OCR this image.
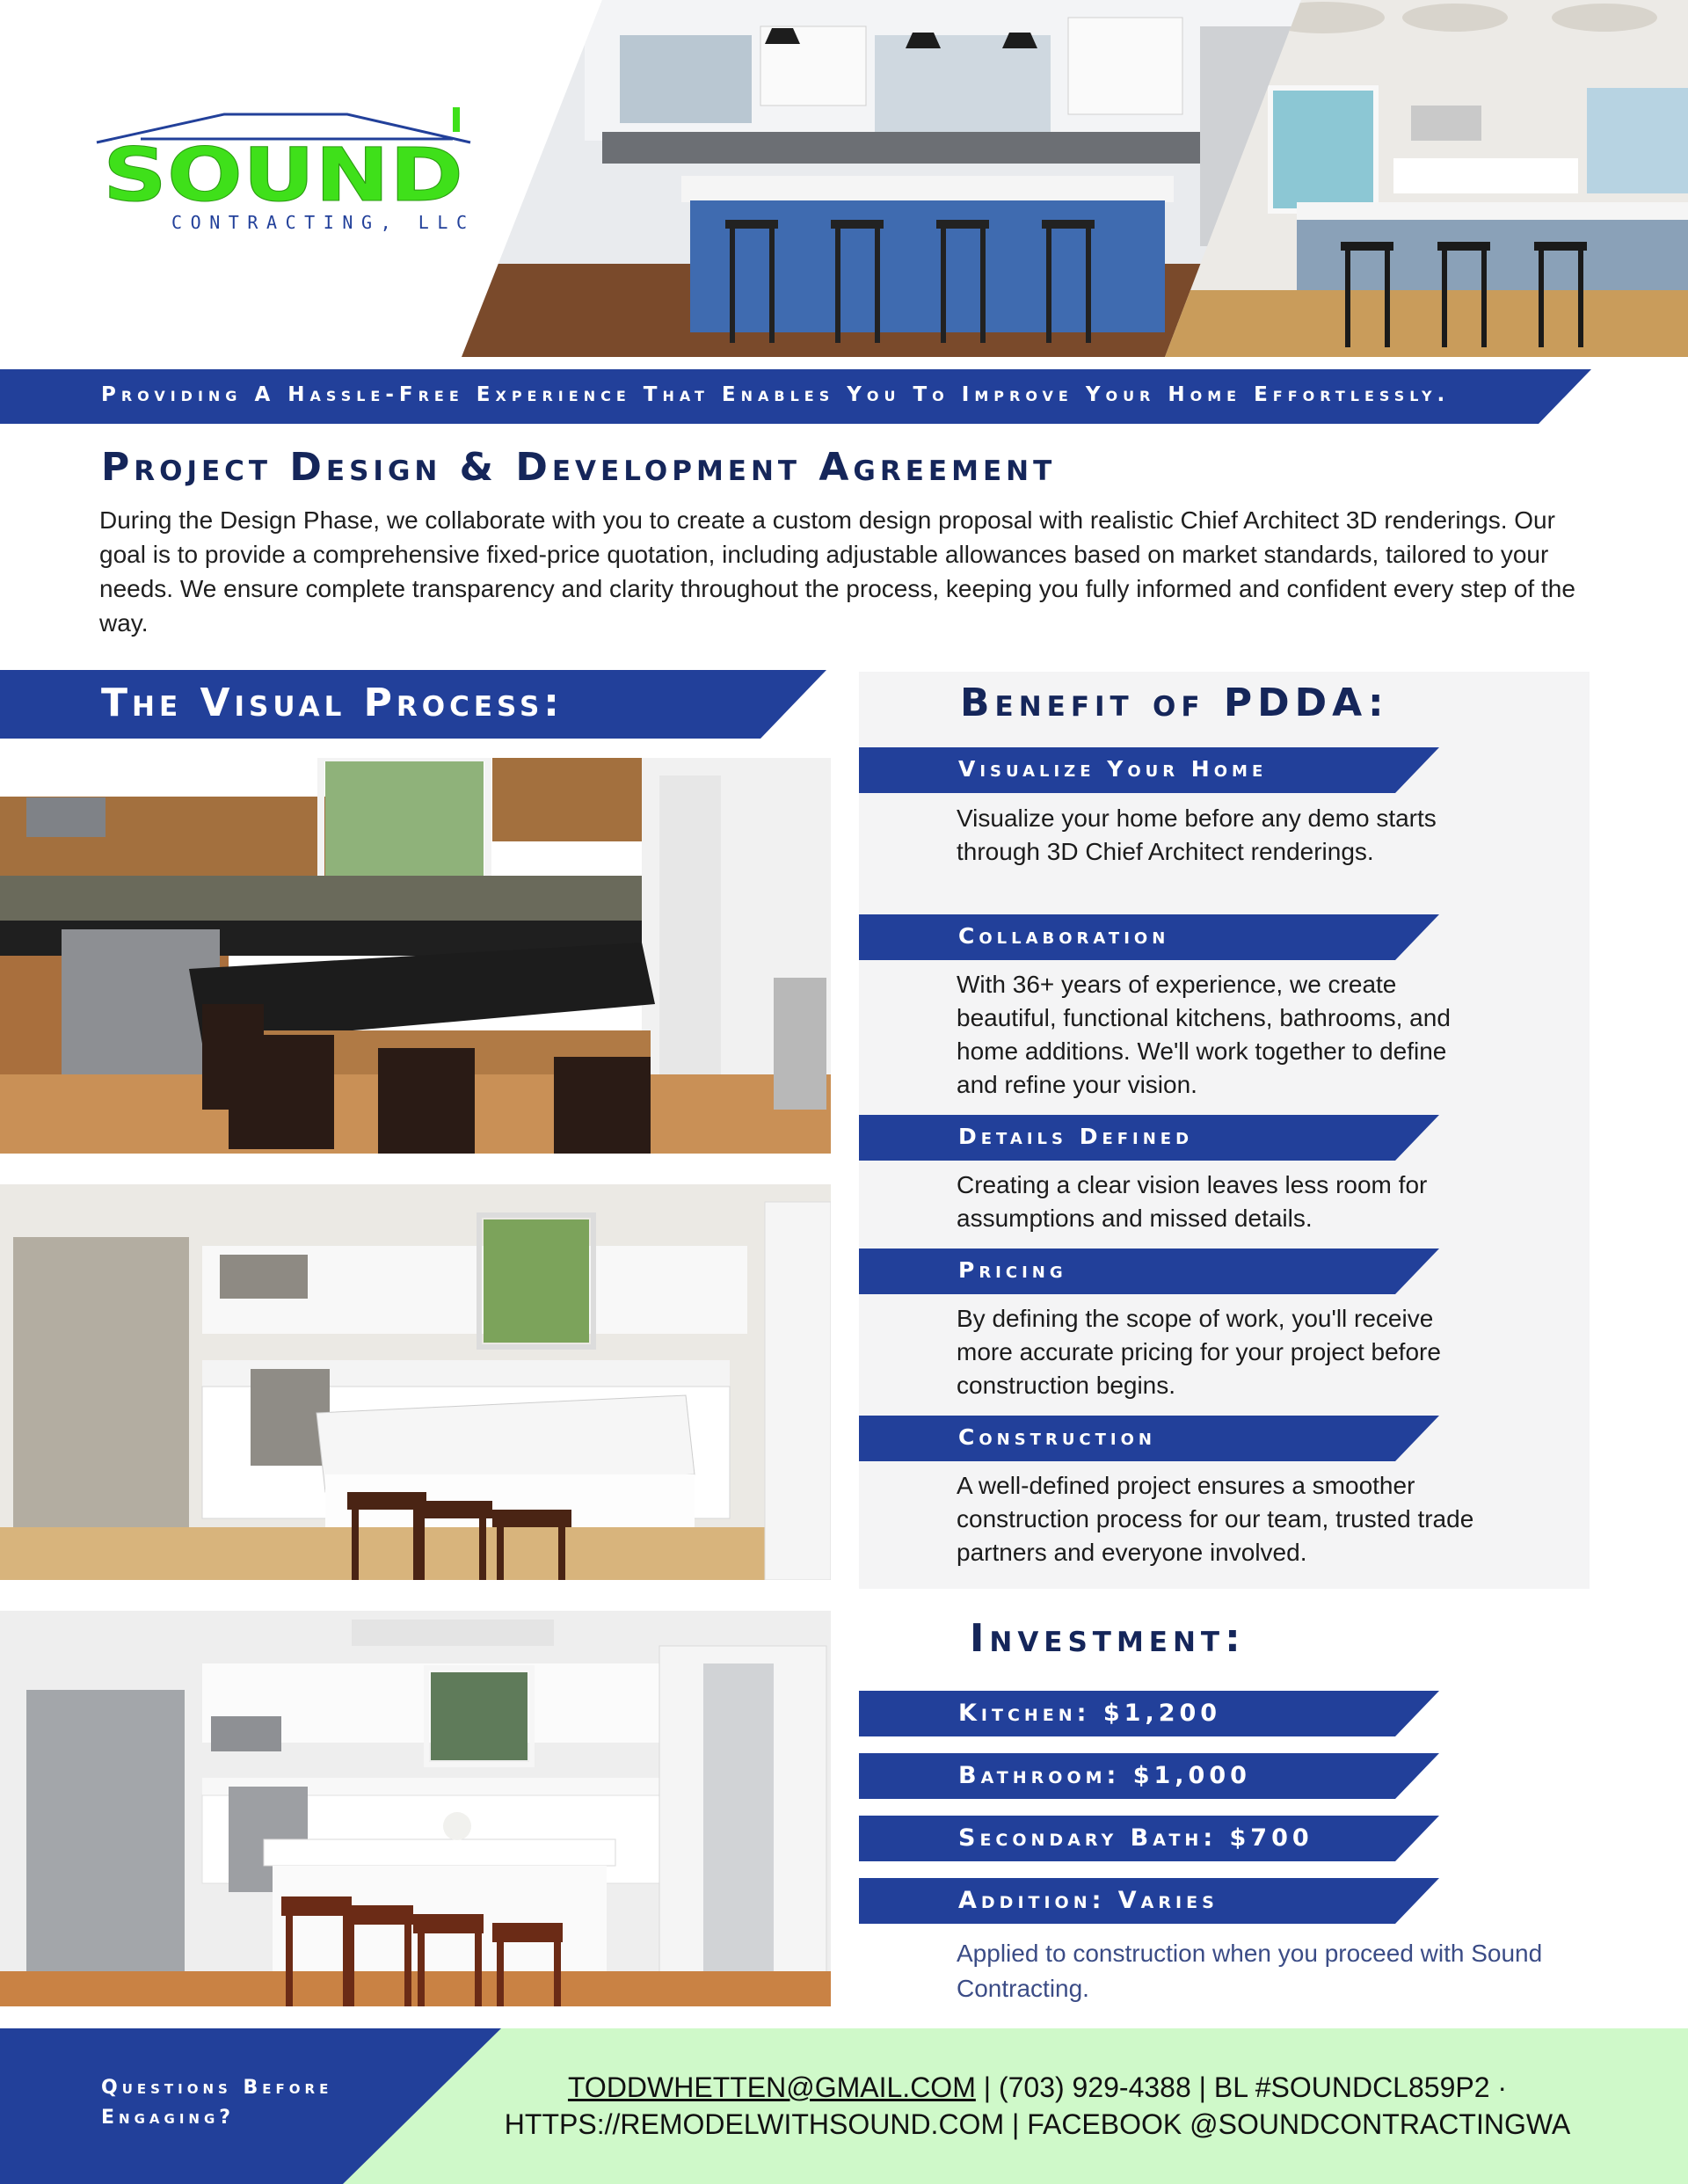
SOUND
CONTRACTING, LLC
Providing A Hassle-Free Experience That Enables You To Improve Your Home Effortlessly.
Project Design & Development Agreement

During the Design Phase, we collaborate with you to create a custom design proposal with realistic Chief Architect 3D renderings. Our goal is to provide a comprehensive fixed-price quotation, including adjustable allowances based on market standards, tailored to your needs. We ensure complete transparency and clarity throughout the process, keeping you fully informed and confident every step of the way.

The Visual Process:	Benefit of PDDA:
Visualize Your Home

Visualize your home before any demo starts through 3D Chief Architect renderings.

Collaboration

With 36+ years of experience, we create beautiful, functional kitchens, bathrooms, and home additions. We'll work together to define and refine your vision.

Details Defined

Creating a clear vision leaves less room for assumptions and missed details.

Pricing

By defining the scope of work, you'll receive more accurate pricing for your project before construction begins.

Construction

A well-defined project ensures a smoother construction process for our team, trusted trade partners and everyone involved.

Investment:
Kitchen: $1,200
Bathroom: $1,000
Secondary Bath: $700
Addition: Varies

Applied to construction when you proceed with Sound Contracting.

Questions Before Engaging?
TODDWHETTEN@GMAIL.COM | (703) 929-4388 | BL #SOUNDCL859P2 ·
HTTPS://REMODELWITHSOUND.COM | FACEBOOK @SOUNDCONTRACTINGWA
